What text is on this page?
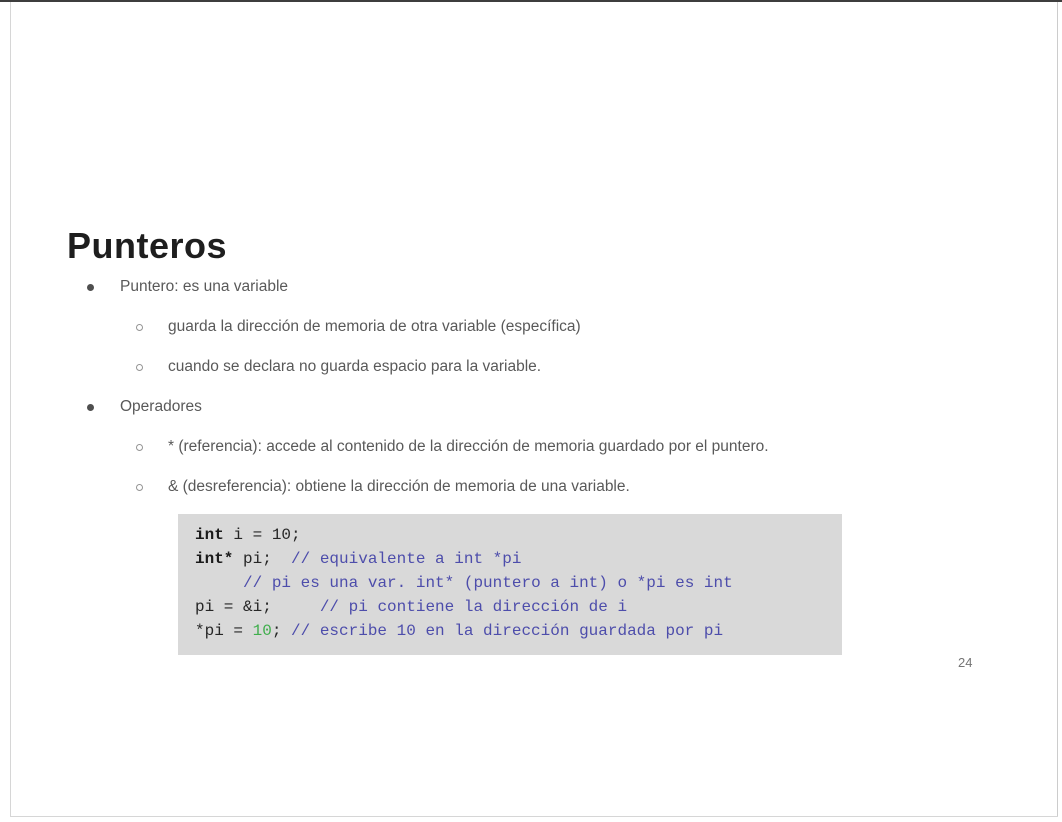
Punteros
Puntero: es una variable
guarda la dirección de memoria de otra variable (específica)
cuando se declara no guarda espacio para la variable.
Operadores
* (referencia): accede al contenido de la dirección de memoria guardado por el puntero.
& (desreferencia): obtiene la dirección de memoria de una variable.
int i = 10;
int* pi;  // equivalente a int *pi
// pi es una var. int* (puntero a int) o *pi es int
pi = &i;     // pi contiene la dirección de i
*pi = 10; // escribe 10 en la dirección guardada por pi
24
